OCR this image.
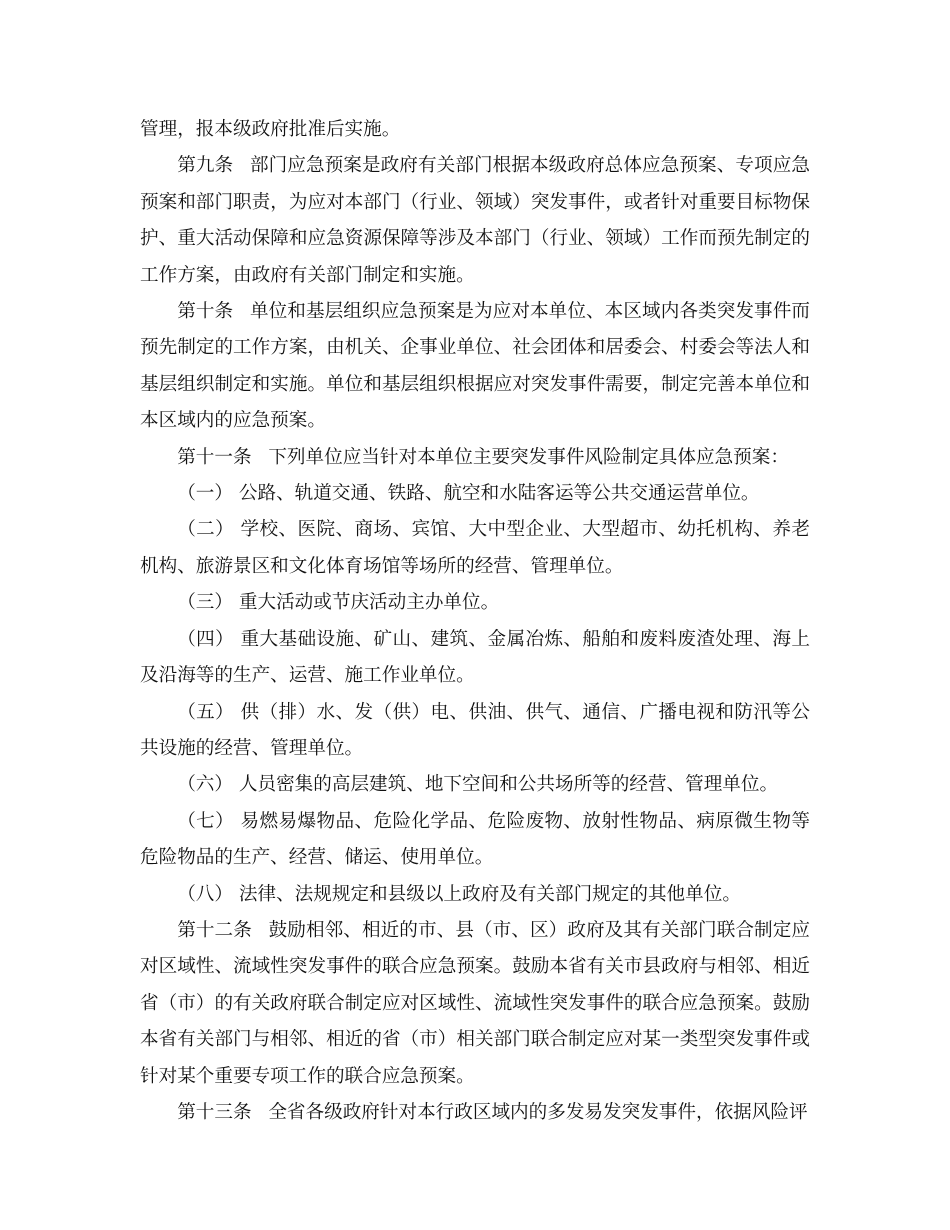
管理，报本级政府批准后实施。

第九条 部门应急预案是政府有关部门根据本级政府总体应急预案、专项应急预案和部门职责，为应对本部门（行业、领域）突发事件，或者针对重要目标物保护、重大活动保障和应急资源保障等涉及本部门（行业、领域）工作而预先制定的工作方案，由政府有关部门制定和实施。

第十条 单位和基层组织应急预案是为应对本单位、本区域内各类突发事件而预先制定的工作方案，由机关、企事业单位、社会团体和居委会、村委会等法人和基层组织制定和实施。单位和基层组织根据应对突发事件需要，制定完善本单位和本区域内的应急预案。

第十一条 下列单位应当针对本单位主要突发事件风险制定具体应急预案：

（一） 公路、轨道交通、铁路、航空和水陆客运等公共交通运营单位。

（二） 学校、医院、商场、宾馆、大中型企业、大型超市、幼托机构、养老机构、旅游景区和文化体育场馆等场所的经营、管理单位。

（三） 重大活动或节庆活动主办单位。

（四） 重大基础设施、矿山、建筑、金属冶炼、船舶和废料废渣处理、海上及沿海等的生产、运营、施工作业单位。

（五） 供（排）水、发（供）电、供油、供气、通信、广播电视和防汛等公共设施的经营、管理单位。

（六） 人员密集的高层建筑、地下空间和公共场所等的经营、管理单位。

（七） 易燃易爆物品、危险化学品、危险废物、放射性物品、病原微生物等危险物品的生产、经营、储运、使用单位。

（八） 法律、法规规定和县级以上政府及有关部门规定的其他单位。

第十二条 鼓励相邻、相近的市、县（市、区）政府及其有关部门联合制定应对区域性、流域性突发事件的联合应急预案。鼓励本省有关市县政府与相邻、相近省（市）的有关政府联合制定应对区域性、流域性突发事件的联合应急预案。鼓励本省有关部门与相邻、相近的省（市）相关部门联合制定应对某一类型突发事件或针对某个重要专项工作的联合应急预案。

第十三条 全省各级政府针对本行政区域内的多发易发突发事件，依据风险评
